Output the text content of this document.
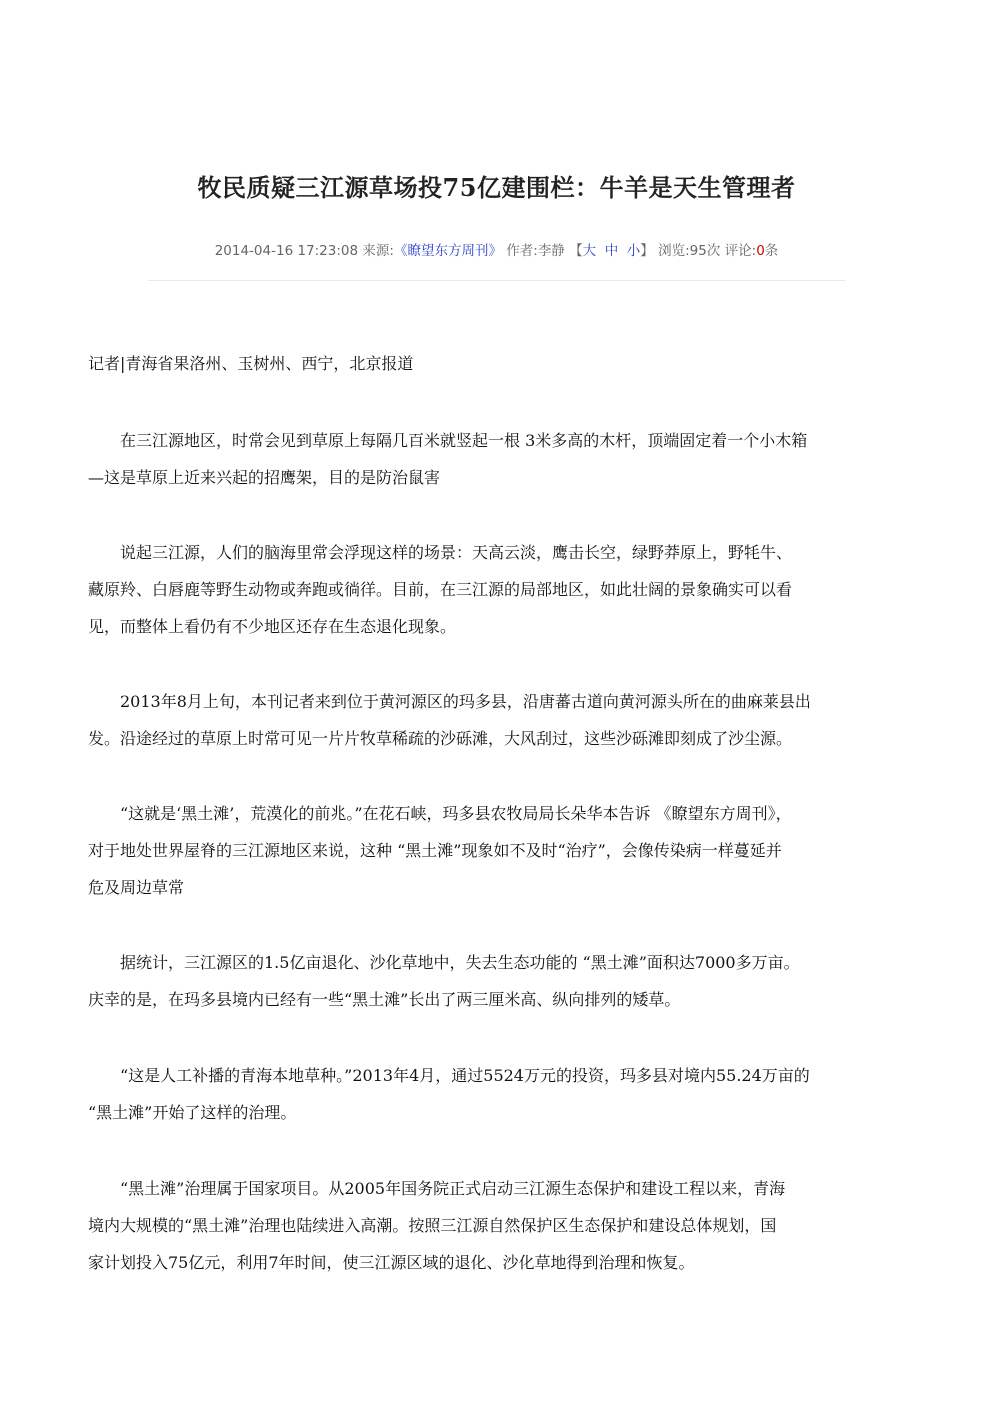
牧民质疑三江源草场投75亿建围栏：牛羊是天生管理者
2014-04-16 17:23:08 来源:《瞭望东方周刊》 作者:李静 【大 中 小】 浏览:95次 评论:0条
记者|青海省果洛州、玉树州、西宁，北京报道
　　在三江源地区，时常会见到草原上每隔几百米就竖起一根 3米多高的木杆，顶端固定着一个小木箱
—这是草原上近来兴起的招鹰架，目的是防治鼠害
　　说起三江源，人们的脑海里常会浮现这样的场景：天高云淡，鹰击长空，绿野莽原上，野牦牛、
藏原羚、白唇鹿等野生动物或奔跑或徜徉。目前，在三江源的局部地区，如此壮阔的景象确实可以看
见，而整体上看仍有不少地区还存在生态退化现象。
　　2013年8月上旬，本刊记者来到位于黄河源区的玛多县，沿唐蕃古道向黄河源头所在的曲麻莱县出
发。沿途经过的草原上时常可见一片片牧草稀疏的沙砾滩，大风刮过，这些沙砾滩即刻成了沙尘源。
　　“这就是‘黑土滩’，荒漠化的前兆。”在花石峡，玛多县农牧局局长朵华本告诉 《瞭望东方周刊》，
对于地处世界屋脊的三江源地区来说，这种 “黑土滩”现象如不及时“治疗”，会像传染病一样蔓延并
危及周边草常
　　据统计，三江源区的1.5亿亩退化、沙化草地中，失去生态功能的 “黑土滩”面积达7000多万亩。
庆幸的是，在玛多县境内已经有一些“黑土滩”长出了两三厘米高、纵向排列的矮草。
　　“这是人工补播的青海本地草种。”2013年4月，通过5524万元的投资，玛多县对境内55.24万亩的
“黑土滩”开始了这样的治理。
　　“黑土滩”治理属于国家项目。从2005年国务院正式启动三江源生态保护和建设工程以来，青海
境内大规模的“黑土滩”治理也陆续进入高潮。按照三江源自然保护区生态保护和建设总体规划，国
家计划投入75亿元，利用7年时间，使三江源区域的退化、沙化草地得到治理和恢复。
